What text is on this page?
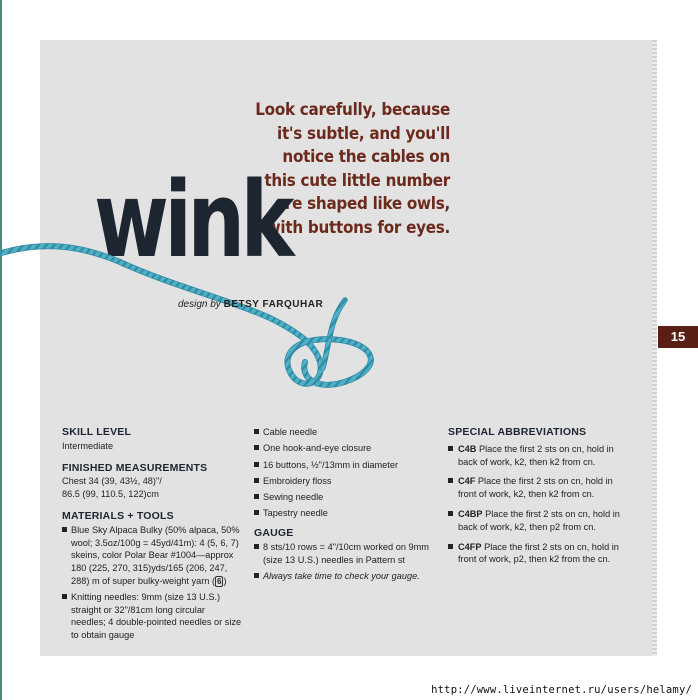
Look carefully, because
it's subtle, and you'll
notice the cables on
this cute little number
are shaped like owls,
with buttons for eyes.
wink
design by BETSY FARQUHAR
15
SKILL LEVEL
Intermediate
FINISHED MEASUREMENTS
Chest 34 (39, 43½, 48)"/
86.5 (99, 110.5, 122)cm
MATERIALS + TOOLS
Blue Sky Alpaca Bulky (50% alpaca, 50% wool; 3.5oz/100g = 45yd/41m): 4 (5, 6, 7) skeins, color Polar Bear #1004—approx 180 (225, 270, 315)yds/165 (206, 247, 288) m of super bulky-weight yarn ( 6 )
Knitting needles: 9mm (size 13 U.S.) straight or 32"/81cm long circular needles; 4 double-pointed needles or size to obtain gauge
Cable needle
One hook-and-eye closure
16 buttons, ½"/13mm in diameter
Embroidery floss
Sewing needle
Tapestry needle
GAUGE
8 sts/10 rows = 4"/10cm worked on 9mm (size 13 U.S.) needles in Pattern st
Always take time to check your gauge.
SPECIAL ABBREVIATIONS
C4B Place the first 2 sts on cn, hold in back of work, k2, then k2 from cn.
C4F Place the first 2 sts on cn, hold in front of work, k2, then k2 from cn.
C4BP Place the first 2 sts on cn, hold in back of work, k2, then p2 from cn.
C4FP Place the first 2 sts on cn, hold in front of work, p2, then k2 from the cn.
http://www.liveinternet.ru/users/helamy/
